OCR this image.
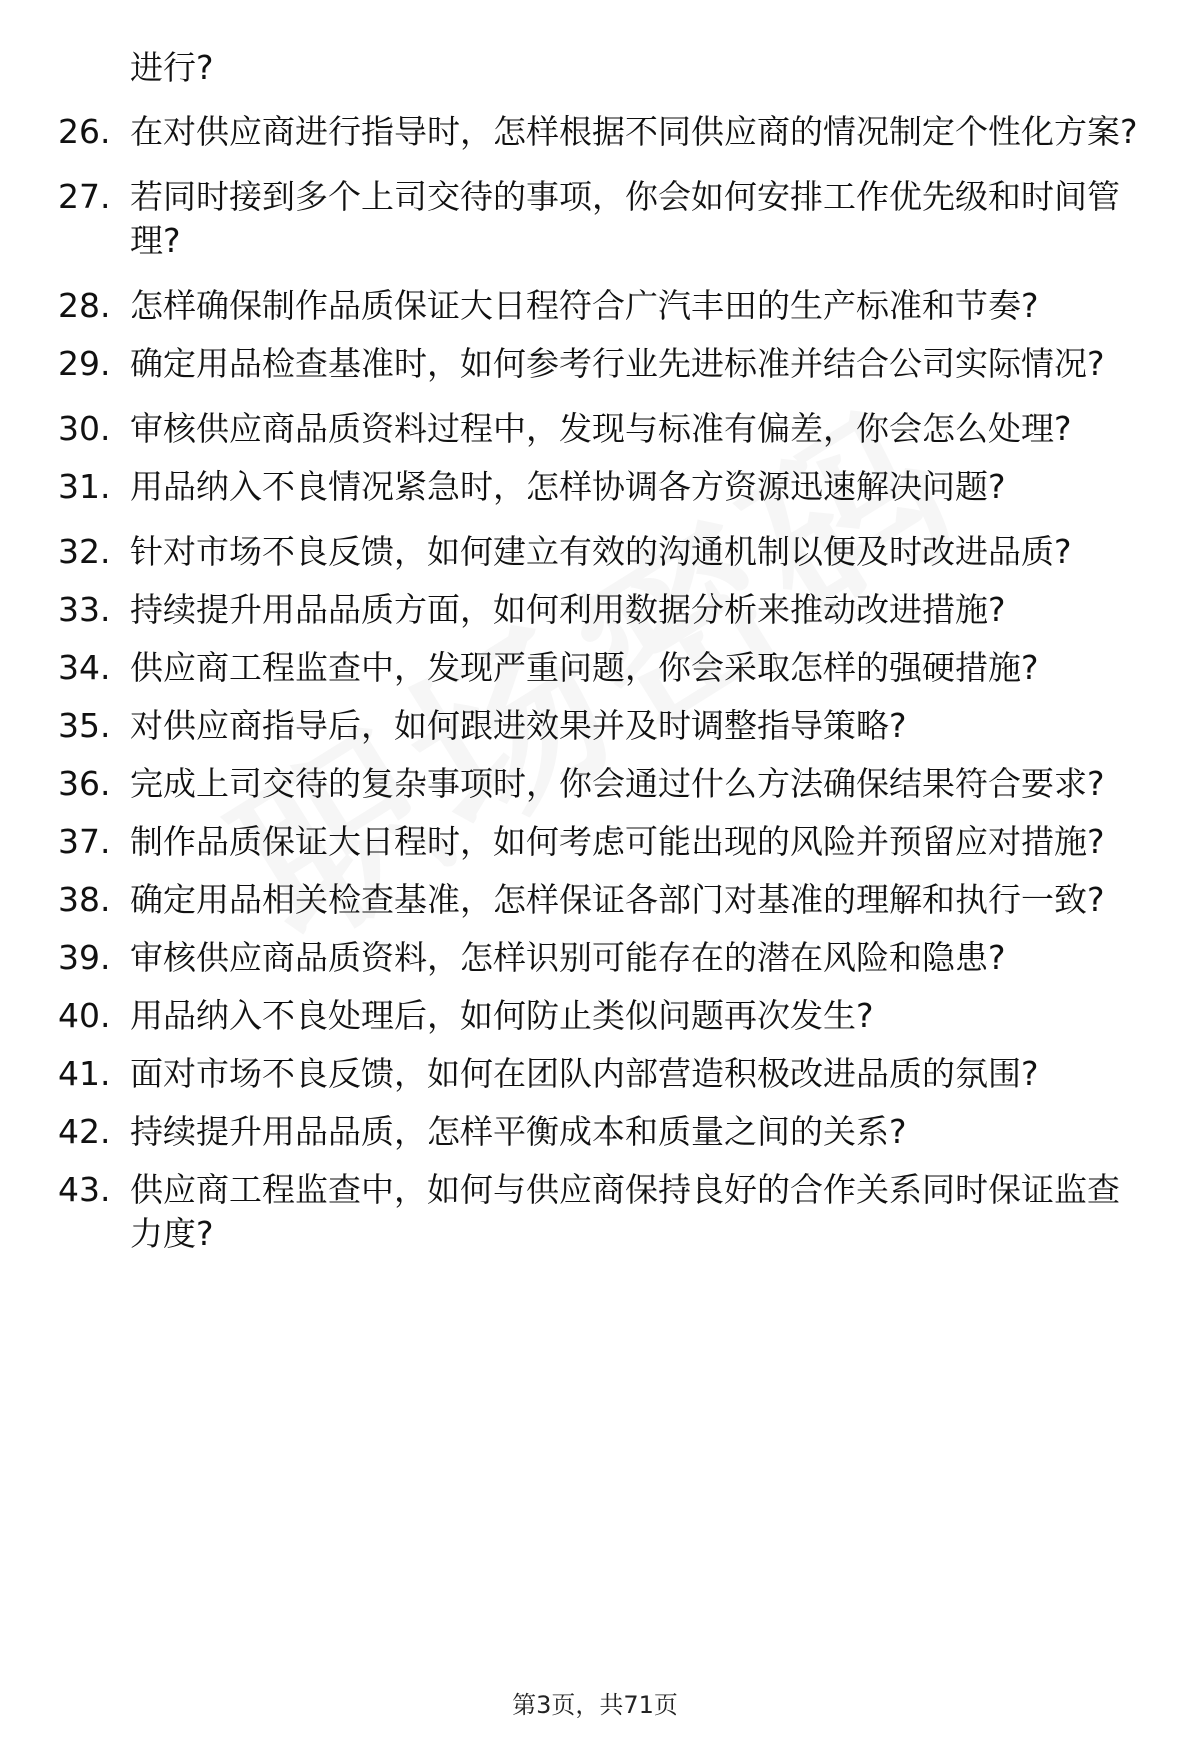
进行?
26. 在对供应商进行指导时，怎样根据不同供应商的情况制定个性化方案?
27. 若同时接到多个上司交待的事项，你会如何安排工作优先级和时间管理?
28. 怎样确保制作品质保证大日程符合广汽丰田的生产标准和节奏?
29. 确定用品检查基准时，如何参考行业先进标准并结合公司实际情况?
30. 审核供应商品质资料过程中，发现与标准有偏差，你会怎么处理?
31. 用品纳入不良情况紧急时，怎样协调各方资源迅速解决问题?
32. 针对市场不良反馈，如何建立有效的沟通机制以便及时改进品质?
33. 持续提升用品品质方面，如何利用数据分析来推动改进措施?
34. 供应商工程监查中，发现严重问题，你会采取怎样的强硬措施?
35. 对供应商指导后，如何跟进效果并及时调整指导策略?
36. 完成上司交待的复杂事项时，你会通过什么方法确保结果符合要求?
37. 制作品质保证大日程时，如何考虑可能出现的风险并预留应对措施?
38. 确定用品相关检查基准，怎样保证各部门对基准的理解和执行一致?
39. 审核供应商品质资料，怎样识别可能存在的潜在风险和隐患?
40. 用品纳入不良处理后，如何防止类似问题再次发生?
41. 面对市场不良反馈，如何在团队内部营造积极改进品质的氛围?
42. 持续提升用品品质，怎样平衡成本和质量之间的关系?
43. 供应商工程监查中，如何与供应商保持良好的合作关系同时保证监查力度?
第3页，共71页
